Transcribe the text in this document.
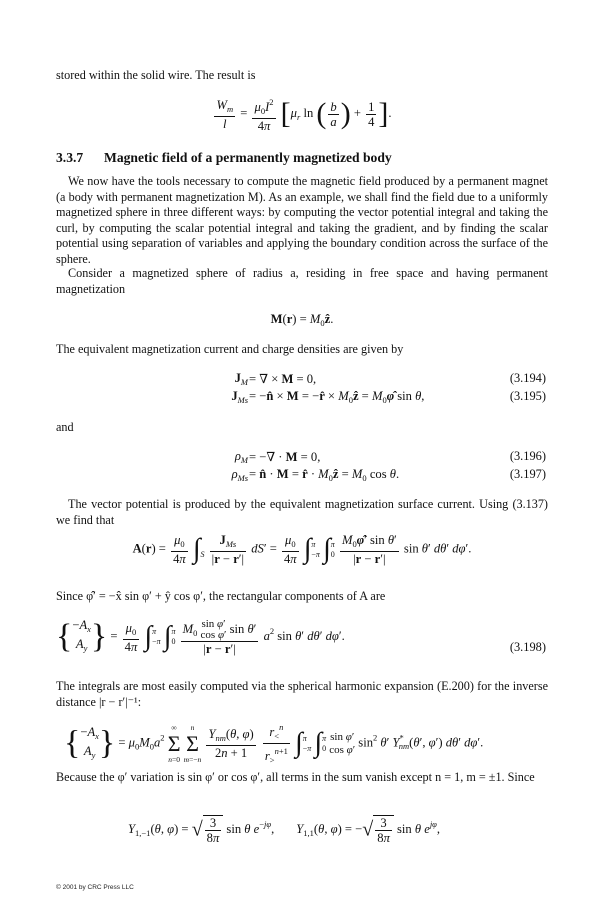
stored within the solid wire. The result is
$\frac{W_m}{l} = \frac{\mu_0I^2}{4\pi} [\mu_r$ ln ( $\frac{b}{a}$ ) + $\frac{1}{4}$ ].
3.3.7 Magnetic field of a permanently magnetized body
We now have the tools necessary to compute the magnetic field produced by a permanent magnet (a body with permanent magnetization M). As an example, we shall find the field due to a uniformly magnetized sphere in three different ways: by computing the vector potential integral and taking the curl, by computing the scalar potential integral and taking the gradient, and by finding the scalar potential using separation of variables and applying the boundary condition across the surface of the sphere.
Consider a magnetized sphere of radius a, residing in free space and having permanent magnetization
$M(r) = M_0ẑ$.
The equivalent magnetization current and charge densities are given by
$J_M$ = ∇ × M = 0,	(3.194)
$J_{Ms}$ = −n̂ × M = −r̂ × $M_0ẑ$ = $M_0\varphî$ sin θ,	(3.195)
and
$\rho_M$ = −∇ · M = 0,	(3.196)
$\rho_{Ms}$ = n̂ · M = r̂ · $M_0ẑ = M_0$ cos θ.	(3.197)
The vector potential is produced by the equivalent magnetization surface current. Using (3.137) we find that
$A(r) = \frac{\mu_0}{4\pi}$ ∫
S $\frac{J_{Ms}}{|r - r'|} dS' = \frac{\mu_0}{4\pi} \int\pi$
−π ∫π
$0 \frac{M_0\varphî' \sin \theta'}{|r - r'|}$ sin θ′ dθ′ dφ′.
Since φ̂′ = −x̂ sin φ′ + ŷ cos φ′, the rectangular components of A are
{ $-A_x$
$A_y$ } = $\frac{\mu_0}{4\pi} \int\pi$
−π ∫π
0 $M_0$
sin φ′
cos φ′ sin θ′
|r − r′| $a^2$ sin θ′ dθ′ dφ′.
(3.198)
The integrals are most easily computed via the spherical harmonic expansion (E.200) for the inverse distance |r − r′|⁻¹:
{ $-A_x$
$A_y$ } = $\mu_0M_0a^2$
∞
Σ
n=0

n
Σ
m=−n
$\frac{Y_{nm}(\theta, \varphi)}{2n + 1}$
$\frac{r_<^n}{r_>^{n+1}} \int\pi$
−π ∫π
0
sin φ′
cos φ′
$\sin^2 \theta'$ $Y^*_{nm}(\theta'$, φ′) dθ′ dφ′.
Because the φ′ variation is sin φ′ or cos φ′, all terms in the sum vanish except n = 1, m = ±1. Since
$Y_{1,-1}(\theta$, φ) = √ $\frac{3}{8\pi}$ sin θ $e^{-j\varphi}$,       $Y_{1,1}(\theta$, φ) = −√ $\frac{3}{8\pi}$ sin θ $e^{j\varphi}$,
© 2001 by CRC Press LLC
